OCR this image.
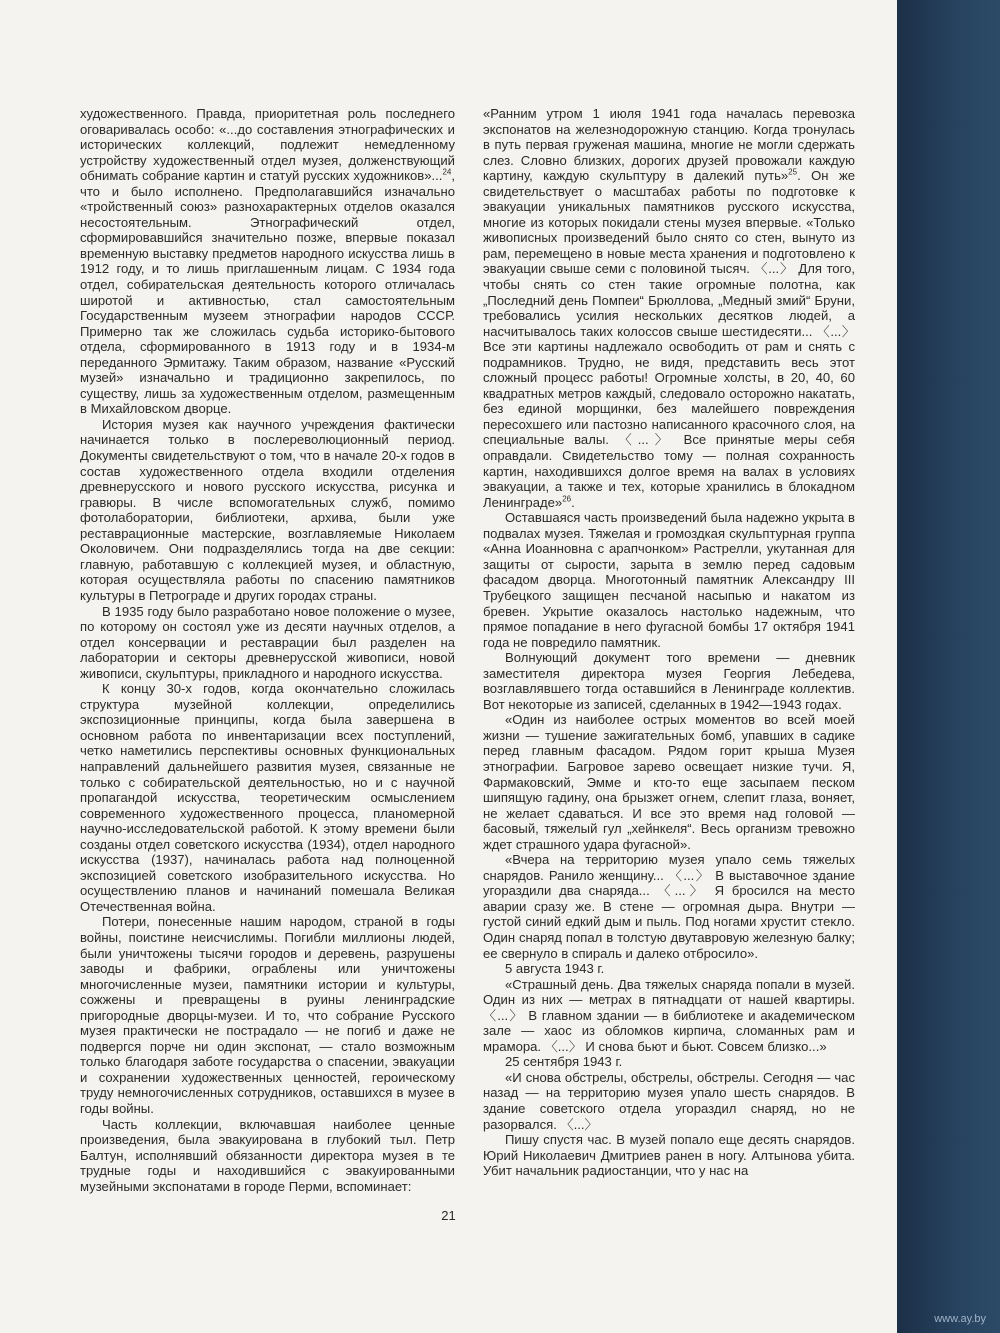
художественного. Правда, приоритетная роль последнего оговаривалась особо: «...до составления этнографических и исторических коллекций, подлежит немедленному устройству художественный отдел музея, долженствующий обнимать собрание картин и статуй русских художников»...$^{24}$, что и было исполнено. Предполагавшийся изначально «тройственный союз» разнохарактерных отделов оказался несостоятельным. Этнографический отдел, сформировавшийся значительно позже, впервые показал временную выставку предметов народного искусства лишь в 1912 году, и то лишь приглашенным лицам. С 1934 года отдел, собирательская деятельность которого отличалась широтой и активностью, стал самостоятельным Государственным музеем этнографии народов СССР. Примерно так же сложилась судьба историко-бытового отдела, сформированного в 1913 году и в 1934-м переданного Эрмитажу. Таким образом, название «Русский музей» изначально и традиционно закрепилось, по существу, лишь за художественным отделом, размещенным в Михайловском дворце.

История музея как научного учреждения фактически начинается только в послереволюционный период. Документы свидетельствуют о том, что в начале 20-х годов в состав художественного отдела входили отделения древнерусского и нового русского искусства, рисунка и гравюры. В числе вспомогательных служб, помимо фотолаборатории, библиотеки, архива, были уже реставрационные мастерские, возглавляемые Николаем Околовичем. Они подразделялись тогда на две секции: главную, работавшую с коллекцией музея, и областную, которая осуществляла работы по спасению памятников культуры в Петрограде и других городах страны.

В 1935 году было разработано новое положение о музее, по которому он состоял уже из десяти научных отделов, а отдел консервации и реставрации был разделен на лаборатории и секторы древнерусской живописи, новой живописи, скульптуры, прикладного и народного искусства.

К концу 30-х годов, когда окончательно сложилась структура музейной коллекции, определились экспозиционные принципы, когда была завершена в основном работа по инвентаризации всех поступлений, четко наметились перспективы основных функциональных направлений дальнейшего развития музея, связанные не только с собирательской деятельностью, но и с научной пропагандой искусства, теоретическим осмыслением современного художественного процесса, планомерной научно-исследовательской работой. К этому времени были созданы отдел советского искусства (1934), отдел народного искусства (1937), начиналась работа над полноценной экспозицией советского изобразительного искусства. Но осуществлению планов и начинаний помешала Великая Отечественная война.

Потери, понесенные нашим народом, страной в годы войны, поистине неисчислимы. Погибли миллионы людей, были уничтожены тысячи городов и деревень, разрушены заводы и фабрики, ограблены или уничтожены многочисленные музеи, памятники истории и культуры, сожжены и превращены в руины ленинградские пригородные дворцы-музеи. И то, что собрание Русского музея практически не пострадало — не погиб и даже не подвергся порче ни один экспонат, — стало возможным только благодаря заботе государства о спасении, эвакуации и сохранении художественных ценностей, героическому труду немногочисленных сотрудников, оставшихся в музее в годы войны.

Часть коллекции, включавшая наиболее ценные произведения, была эвакуирована в глубокий тыл. Петр Балтун, исполнявший обязанности директора музея в те трудные годы и находившийся с эвакуированными музейными экспонатами в городе Перми, вспоминает:

«Ранним утром 1 июля 1941 года началась перевозка экспонатов на железнодорожную станцию. Когда тронулась в путь первая груженая машина, многие не могли сдержать слез. Словно близких, дорогих друзей провожали каждую картину, каждую скульптуру в далекий путь»$^{25}$. Он же свидетельствует о масштабах работы по подготовке к эвакуации уникальных памятников русского искусства, многие из которых покидали стены музея впервые. «Только живописных произведений было снято со стен, вынуто из рам, перемещено в новые места хранения и подготовлено к эвакуации свыше семи с половиной тысяч. 〈...〉 Для того, чтобы снять со стен такие огромные полотна, как „Последний день Помпеи“ Брюллова, „Медный змий“ Бруни, требовались усилия нескольких десятков людей, а насчитывалось таких колоссов свыше шестидесяти... 〈...〉 Все эти картины надлежало освободить от рам и снять с подрамников. Трудно, не видя, представить весь этот сложный процесс работы! Огромные холсты, в 20, 40, 60 квадратных метров каждый, следовало осторожно накатать, без единой морщинки, без малейшего повреждения пересохшего или пастозно написанного красочного слоя, на специальные валы. 〈...〉 Все принятые меры себя оправдали. Свидетельство тому — полная сохранность картин, находившихся долгое время на валах в условиях эвакуации, а также и тех, которые хранились в блокадном Ленинграде»$^{26}$.

Оставшаяся часть произведений была надежно укрыта в подвалах музея. Тяжелая и громоздкая скульптурная группа «Анна Иоанновна с арапчонком» Растрелли, укутанная для защиты от сырости, зарыта в землю перед садовым фасадом дворца. Многотонный памятник Александру III Трубецкого защищен песчаной насыпью и накатом из бревен. Укрытие оказалось настолько надежным, что прямое попадание в него фугасной бомбы 17 октября 1941 года не повредило памятник.

Волнующий документ того времени — дневник заместителя директора музея Георгия Лебедева, возглавлявшего тогда оставшийся в Ленинграде коллектив. Вот некоторые из записей, сделанных в 1942—1943 годах.

«Один из наиболее острых моментов во всей моей жизни — тушение зажигательных бомб, упавших в садике перед главным фасадом. Рядом горит крыша Музея этнографии. Багровое зарево освещает низкие тучи. Я, Фармаковский, Эмме и кто-то еще засыпаем песком шипящую гадину, она брызжет огнем, слепит глаза, воняет, не желает сдаваться. И все это время над головой — басовый, тяжелый гул „хейнкеля“. Весь организм тревожно ждет страшного удара фугасной».

«Вчера на территорию музея упало семь тяжелых снарядов. Ранило женщину... 〈...〉 В выставочное здание угораздили два снаряда... 〈...〉 Я бросился на место аварии сразу же. В стене — огромная дыра. Внутри — густой синий едкий дым и пыль. Под ногами хрустит стекло. Один снаряд попал в толстую двутавровую железную балку; ее свернуло в спираль и далеко отбросило».

5 августа 1943 г.

«Страшный день. Два тяжелых снаряда попали в музей. Один из них — метрах в пятнадцати от нашей квартиры. 〈...〉 В главном здании — в библиотеке и академическом зале — хаос из обломков кирпича, сломанных рам и мрамора. 〈...〉 И снова бьют и бьют. Совсем близко...»

25 сентября 1943 г.

«И снова обстрелы, обстрелы, обстрелы. Сегодня — час назад — на территорию музея упало шесть снарядов. В здание советского отдела угораздил снаряд, но не разорвался. 〈...〉

Пишу спустя час. В музей попало еще десять снарядов. Юрий Николаевич Дмитриев ранен в ногу. Алтынова убита. Убит начальник радиостанции, что у нас на

21
www.ay.by
